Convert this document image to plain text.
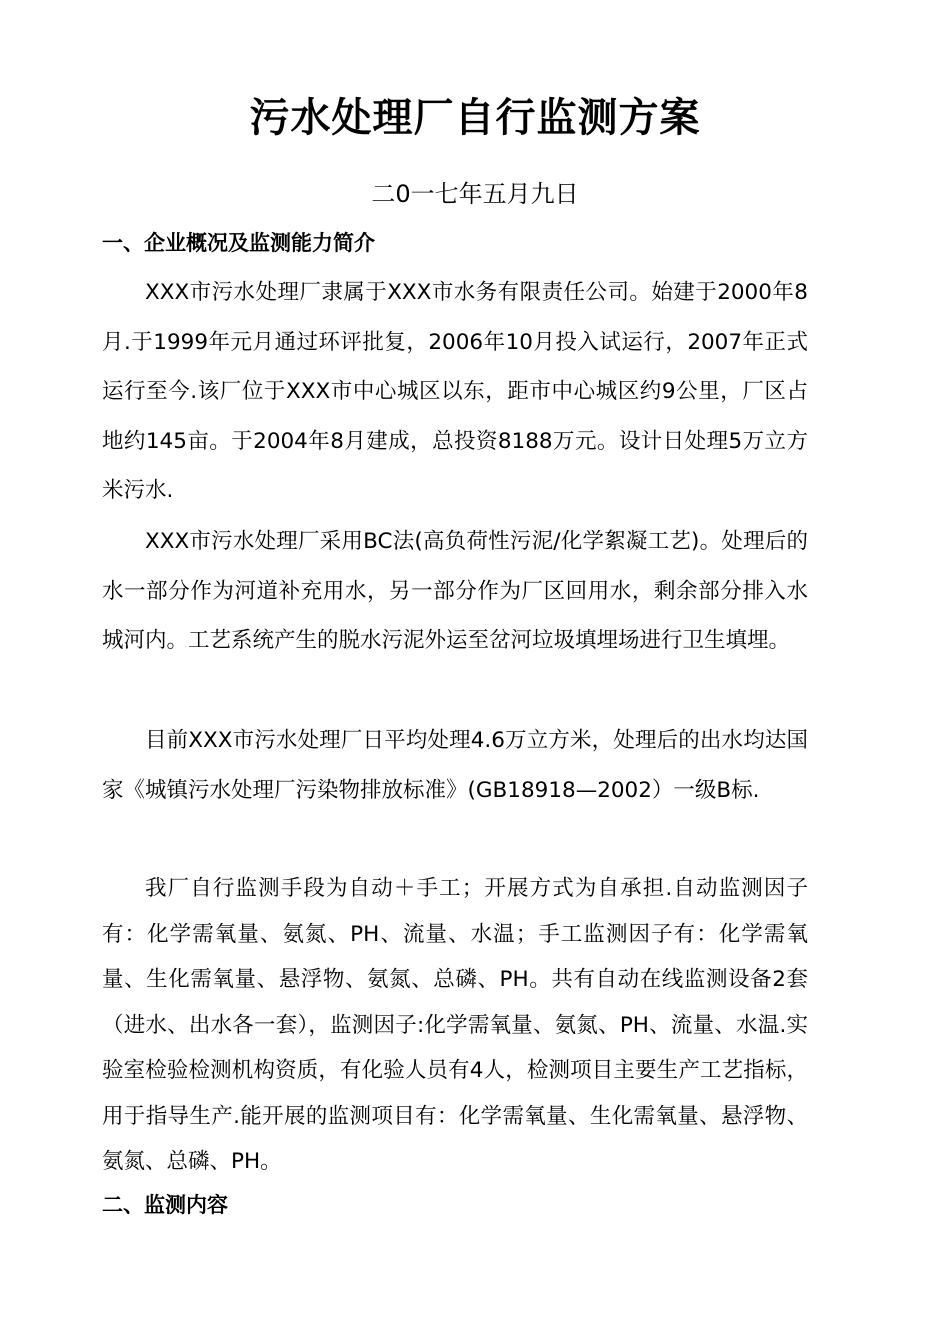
污水处理厂自行监测方案
二0一七年五月九日
一、企业概况及监测能力简介

XXX市污水处理厂隶属于XXX市水务有限责任公司。始建于2000年8月.于1999年元月通过环评批复，2006年10月投入试运行，2007年正式运行至今.该厂位于XXX市中心城区以东，距市中心城区约9公里，厂区占地约145亩。于2004年8月建成，总投资8188万元。设计日处理5万立方米污水.

XXX市污水处理厂采用BC法(高负荷性污泥/化学絮凝工艺)。处理后的水一部分作为河道补充用水，另一部分作为厂区回用水，剩余部分排入水城河内。工艺系统产生的脱水污泥外运至岔河垃圾填埋场进行卫生填埋。

目前XXX市污水处理厂日平均处理4.6万立方米，处理后的出水均达国家《城镇污水处理厂污染物排放标准》(GB18918—2002）一级B标.

我厂自行监测手段为自动＋手工；开展方式为自承担.自动监测因子有：化学需氧量、氨氮、PH、流量、水温；手工监测因子有：化学需氧量、生化需氧量、悬浮物、氨氮、总磷、PH。共有自动在线监测设备2套（进水、出水各一套），监测因子:化学需氧量、氨氮、PH、流量、水温.实验室检验检测机构资质，有化验人员有4人，检测项目主要生产工艺指标，用于指导生产.能开展的监测项目有：化学需氧量、生化需氧量、悬浮物、氨氮、总磷、PH。

二、监测内容
